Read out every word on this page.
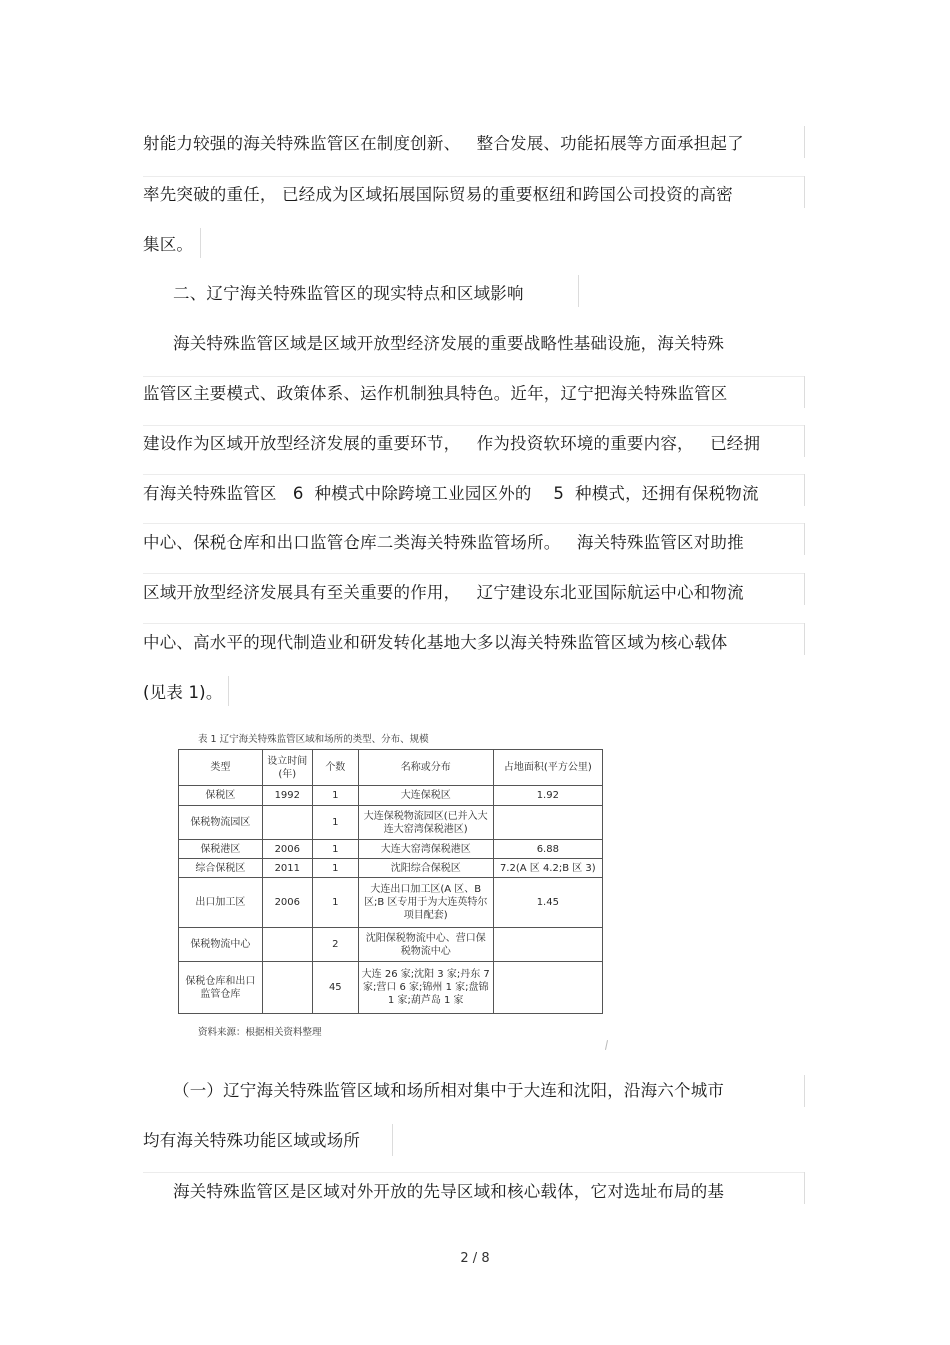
射能力较强的海关特殊监管区在制度创新、   整合发展、功能拓展等方面承担起了
率先突破的重任， 已经成为区域拓展国际贸易的重要枢纽和跨国公司投资的高密
集区。
二、辽宁海关特殊监管区的现实特点和区域影响
海关特殊监管区域是区域开放型经济发展的重要战略性基础设施，海关特殊
监管区主要模式、政策体系、运作机制独具特色。近年，辽宁把海关特殊监管区
建设作为区域开放型经济发展的重要环节，   作为投资软环境的重要内容，   已经拥
有海关特殊监管区   6  种模式中除跨境工业园区外的    5  种模式，还拥有保税物流
中心、保税仓库和出口监管仓库二类海关特殊监管场所。   海关特殊监管区对助推
区域开放型经济发展具有至关重要的作用，   辽宁建设东北亚国际航运中心和物流
中心、高水平的现代制造业和研发转化基地大多以海关特殊监管区域为核心载体
(见表 1)。
表 1 辽宁海关特殊监管区域和场所的类型、分布、规模
类型	设立时间(年)	个数	名称或分布	占地面积(平方公里)
保税区	1992	1	大连保税区	1.92
保税物流园区		1	大连保税物流园区(已并入大连大窑湾保税港区)	
保税港区	2006	1	大连大窑湾保税港区	6.88
综合保税区	2011	1	沈阳综合保税区	7.2(A 区 4.2;B 区 3)
出口加工区	2006	1	大连出口加工区(A 区、B 区;B 区专用于为大连英特尔项目配套)	1.45
保税物流中心		2	沈阳保税物流中心、营口保税物流中心	
保税仓库和出口监管仓库		45	大连 26 家;沈阳 3 家;丹东 7 家;营口 6 家;锦州 1 家;盘锦 1 家;葫芦岛 1 家	
资料来源：根据相关资料整理
（一）辽宁海关特殊监管区域和场所相对集中于大连和沈阳，沿海六个城市
均有海关特殊功能区域或场所
海关特殊监管区是区域对外开放的先导区域和核心载体，它对选址布局的基
2 / 8
